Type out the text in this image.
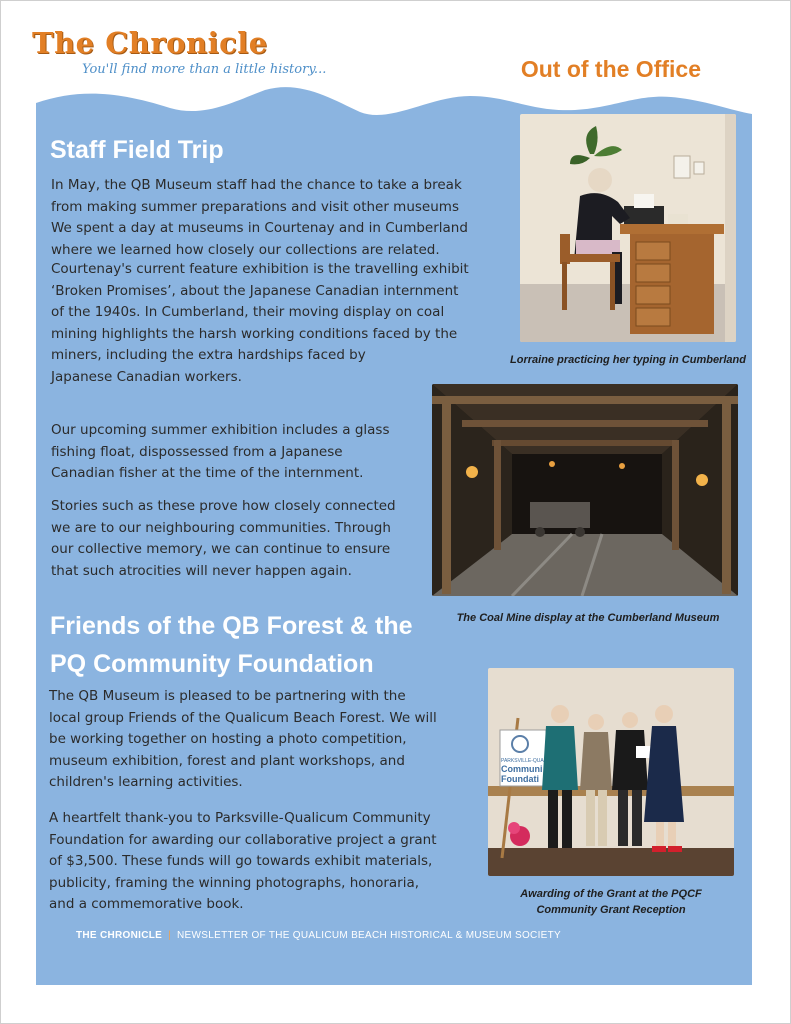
The Chronicle
You'll find more than a little history...	Out of the Office
Staff Field Trip
In May, the QB Museum staff had the chance to take a break
from making summer preparations and visit other museums
We spent a day at museums in Courtenay and in Cumberland
where we learned how closely our collections are related.
Courtenay's current feature exhibition is the travelling exhibit
‘Broken Promises’, about the Japanese Canadian internment
of the 1940s. In Cumberland, their moving display on coal
mining highlights the harsh working conditions faced by the
miners, including the extra hardships faced by
Japanese Canadian workers.
Our upcoming summer exhibition includes a glass
fishing float, dispossessed from a Japanese
Canadian fisher at the time of the internment.
Stories such as these prove how closely connected
we are to our neighbouring communities. Through
our collective memory, we can continue to ensure
that such atrocities will never happen again.
Lorraine practicing her typing in Cumberland
The Coal Mine display at the Cumberland Museum
Friends of the QB Forest & the
PQ Community Foundation
The QB Museum is pleased to be partnering with the
local group Friends of the Qualicum Beach Forest. We will
be working together on hosting a photo competition,
museum exhibition, forest and plant workshops, and
children's learning activities.
A heartfelt thank-you to Parksville-Qualicum Community
Foundation for awarding our collaborative project a grant
of $3,500. These funds will go towards exhibit materials,
publicity, framing the winning photographs, honoraria,
and a commemorative book.
PARKSVILLE-QUA
Communi
Foundati
Awarding of the Grant at the PQCF
Community Grant Reception
THE CHRONICLE | NEWSLETTER OF THE QUALICUM BEACH HISTORICAL & MUSEUM SOCIETY
